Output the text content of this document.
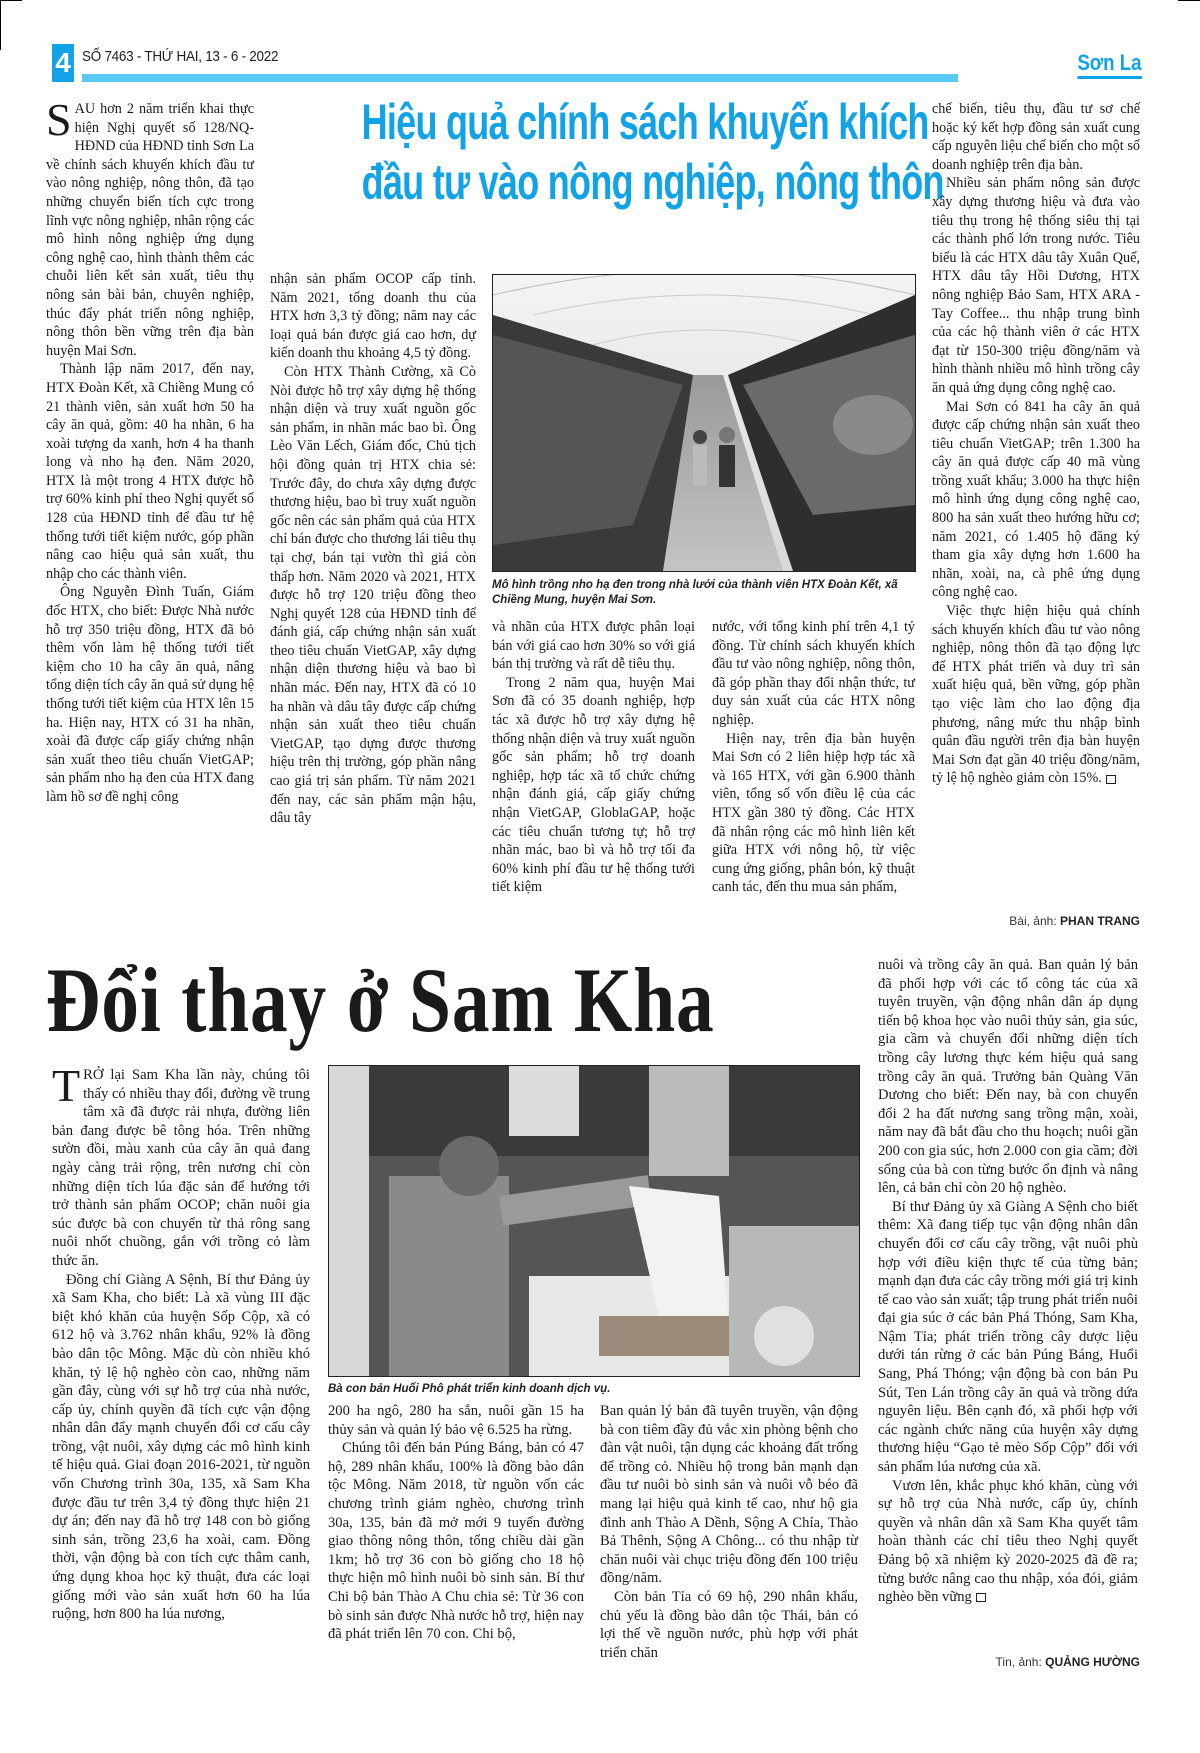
4 SỐ 7463 - THỨ HAI, 13 - 6 - 2022	Sơn La
Hiệu quả chính sách khuyến khích
đầu tư vào nông nghiệp, nông thôn

SAU hơn 2 năm triển khai thực hiện Nghị quyết số 128/NQ-HĐND của HĐND tỉnh Sơn La về chính sách khuyến khích đầu tư vào nông nghiệp, nông thôn, đã tạo những chuyển biến tích cực trong lĩnh vực nông nghiệp, nhân rộng các mô hình nông nghiệp ứng dụng công nghệ cao, hình thành thêm các chuỗi liên kết sản xuất, tiêu thụ nông sản bài bản, chuyên nghiệp, thúc đẩy phát triển nông nghiệp, nông thôn bền vững trên địa bàn huyện Mai Sơn.

Thành lập năm 2017, đến nay, HTX Đoàn Kết, xã Chiềng Mung có 21 thành viên, sản xuất hơn 50 ha cây ăn quả, gồm: 40 ha nhãn, 6 ha xoài tượng da xanh, hơn 4 ha thanh long và nho hạ đen. Năm 2020, HTX là một trong 4 HTX được hỗ trợ 60% kinh phí theo Nghị quyết số 128 của HĐND tỉnh để đầu tư hệ thống tưới tiết kiệm nước, góp phần nâng cao hiệu quả sản xuất, thu nhập cho các thành viên.

Ông Nguyễn Đình Tuấn, Giám đốc HTX, cho biết: Được Nhà nước hỗ trợ 350 triệu đồng, HTX đã bỏ thêm vốn làm hệ thống tưới tiết kiệm cho 10 ha cây ăn quả, nâng tổng diện tích cây ăn quả sử dụng hệ thống tưới tiết kiệm của HTX lên 15 ha. Hiện nay, HTX có 31 ha nhãn, xoài đã được cấp giấy chứng nhận sản xuất theo tiêu chuẩn VietGAP; sản phẩm nho hạ đen của HTX đang làm hồ sơ đề nghị công

nhận sản phẩm OCOP cấp tỉnh. Năm 2021, tổng doanh thu của HTX hơn 3,3 tỷ đồng; năm nay các loại quả bán được giá cao hơn, dự kiến doanh thu khoảng 4,5 tỷ đồng.

Còn HTX Thành Cường, xã Cò Nòi được hỗ trợ xây dựng hệ thống nhận diện và truy xuất nguồn gốc sản phẩm, in nhãn mác bao bì. Ông Lèo Văn Lếch, Giám đốc, Chủ tịch hội đồng quản trị HTX chia sẻ: Trước đây, do chưa xây dựng được thương hiệu, bao bì truy xuất nguồn gốc nên các sản phẩm quả của HTX chỉ bán được cho thương lái tiêu thụ tại chợ, bán tại vườn thì giá còn thấp hơn. Năm 2020 và 2021, HTX được hỗ trợ 120 triệu đồng theo Nghị quyết 128 của HĐND tỉnh để đánh giá, cấp chứng nhận sản xuất theo tiêu chuẩn VietGAP, xây dựng nhận diện thương hiệu và bao bì nhãn mác. Đến nay, HTX đã có 10 ha nhãn và dâu tây được cấp chứng nhận sản xuất theo tiêu chuẩn VietGAP, tạo dựng được thương hiệu trên thị trường, góp phần nâng cao giá trị sản phẩm. Từ năm 2021 đến nay, các sản phẩm mận hậu, dâu tây

Mô hình trồng nho hạ đen trong nhà lưới của thành viên HTX Đoàn Kết, xã Chiềng Mung, huyện Mai Sơn.

và nhãn của HTX được phân loại bán với giá cao hơn 30% so với giá bán thị trường và rất dễ tiêu thụ.

Trong 2 năm qua, huyện Mai Sơn đã có 35 doanh nghiệp, hợp tác xã được hỗ trợ xây dựng hệ thống nhận diện và truy xuất nguồn gốc sản phẩm; hỗ trợ doanh nghiệp, hợp tác xã tổ chức chứng nhận đánh giá, cấp giấy chứng nhận VietGAP, GloblaGAP, hoặc các tiêu chuẩn tương tự; hỗ trợ nhãn mác, bao bì và hỗ trợ tối đa 60% kinh phí đầu tư hệ thống tưới tiết kiệm

nước, với tổng kinh phí trên 4,1 tỷ đồng. Từ chính sách khuyến khích đầu tư vào nông nghiệp, nông thôn, đã góp phần thay đổi nhận thức, tư duy sản xuất của các HTX nông nghiệp.

Hiện nay, trên địa bàn huyện Mai Sơn có 2 liên hiệp hợp tác xã và 165 HTX, với gần 6.900 thành viên, tổng số vốn điều lệ của các HTX gần 380 tỷ đồng. Các HTX đã nhân rộng các mô hình liên kết giữa HTX với nông hộ, từ việc cung ứng giống, phân bón, kỹ thuật canh tác, đến thu mua sản phẩm,

chế biến, tiêu thụ, đầu tư sơ chế hoặc ký kết hợp đồng sản xuất cung cấp nguyên liệu chế biến cho một số doanh nghiệp trên địa bàn.

Nhiều sản phẩm nông sản được xây dựng thương hiệu và đưa vào tiêu thụ trong hệ thống siêu thị tại các thành phố lớn trong nước. Tiêu biểu là các HTX dâu tây Xuân Quế, HTX dâu tây Hồi Dương, HTX nông nghiệp Bảo Sam, HTX ARA - Tay Coffee... thu nhập trung bình của các hộ thành viên ở các HTX đạt từ 150-300 triệu đồng/năm và hình thành nhiều mô hình trồng cây ăn quả ứng dụng công nghệ cao.

Mai Sơn có 841 ha cây ăn quả được cấp chứng nhận sản xuất theo tiêu chuẩn VietGAP; trên 1.300 ha cây ăn quả được cấp 40 mã vùng trồng xuất khẩu; 3.000 ha thực hiện mô hình ứng dụng công nghệ cao, 800 ha sản xuất theo hướng hữu cơ; năm 2021, có 1.405 hộ đăng ký tham gia xây dựng hơn 1.600 ha nhãn, xoài, na, cà phê ứng dụng công nghệ cao.

Việc thực hiện hiệu quả chính sách khuyến khích đầu tư vào nông nghiệp, nông thôn đã tạo động lực để HTX phát triển và duy trì sản xuất hiệu quả, bền vững, góp phần tạo việc làm cho lao động địa phương, nâng mức thu nhập bình quân đầu người trên địa bàn huyện Mai Sơn đạt gần 40 triệu đồng/năm, tỷ lệ hộ nghèo giảm còn 15%.

Bài, ảnh: PHAN TRANG
Đổi thay ở Sam Kha

TRỞ lại Sam Kha lần này, chúng tôi thấy có nhiều thay đổi, đường về trung tâm xã đã được rải nhựa, đường liên bản đang được bê tông hóa. Trên những sườn đồi, màu xanh của cây ăn quả đang ngày càng trải rộng, trên nương chỉ còn những diện tích lúa đặc sản để hướng tới trở thành sản phẩm OCOP; chăn nuôi gia súc được bà con chuyển từ thả rông sang nuôi nhốt chuồng, gắn với trồng cỏ làm thức ăn.

Đồng chí Giàng A Sệnh, Bí thư Đảng ủy xã Sam Kha, cho biết: Là xã vùng III đặc biệt khó khăn của huyện Sốp Cộp, xã có 612 hộ và 3.762 nhân khẩu, 92% là đồng bào dân tộc Mông. Mặc dù còn nhiều khó khăn, tỷ lệ hộ nghèo còn cao, những năm gần đây, cùng với sự hỗ trợ của nhà nước, cấp ủy, chính quyền đã tích cực vận động nhân dân đẩy mạnh chuyển đổi cơ cấu cây trồng, vật nuôi, xây dựng các mô hình kinh tế hiệu quả. Giai đoạn 2016-2021, từ nguồn vốn Chương trình 30a, 135, xã Sam Kha được đầu tư trên 3,4 tỷ đồng thực hiện 21 dự án; đến nay đã hỗ trợ 148 con bò giống sinh sản, trồng 23,6 ha xoài, cam. Đồng thời, vận động bà con tích cực thâm canh, ứng dụng khoa học kỹ thuật, đưa các loại giống mới vào sản xuất hơn 60 ha lúa ruộng, hơn 800 ha lúa nương,

Bà con bản Huổi Phô phát triển kinh doanh dịch vụ.

200 ha ngô, 280 ha sắn, nuôi gần 15 ha thủy sản và quản lý bảo vệ 6.525 ha rừng.

Chúng tôi đến bản Púng Báng, bản có 47 hộ, 289 nhân khẩu, 100% là đồng bào dân tộc Mông. Năm 2018, từ nguồn vốn các chương trình giảm nghèo, chương trình 30a, 135, bản đã mở mới 9 tuyến đường giao thông nông thôn, tổng chiều dài gần 1km; hỗ trợ 36 con bò giống cho 18 hộ thực hiện mô hình nuôi bò sinh sản. Bí thư Chi bộ bản Thào A Chu chia sẻ: Từ 36 con bò sinh sản được Nhà nước hỗ trợ, hiện nay đã phát triển lên 70 con. Chi bộ,

Ban quản lý bản đã tuyên truyền, vận động bà con tiêm đầy đủ vắc xin phòng bệnh cho đàn vật nuôi, tận dụng các khoảng đất trống để trồng cỏ. Nhiều hộ trong bản mạnh dạn đầu tư nuôi bò sinh sản và nuôi vỗ béo đã mang lại hiệu quả kinh tế cao, như hộ gia đình anh Thào A Dềnh, Sộng A Chía, Thào Bả Thênh, Sộng A Chông... có thu nhập từ chăn nuôi vài chục triệu đồng đến 100 triệu đồng/năm.

Còn bản Tỉa có 69 hộ, 290 nhân khẩu, chủ yếu là đồng bào dân tộc Thái, bản có lợi thế về nguồn nước, phù hợp với phát triển chăn

nuôi và trồng cây ăn quả. Ban quản lý bản đã phối hợp với các tổ công tác của xã tuyên truyền, vận động nhân dân áp dụng tiến bộ khoa học vào nuôi thủy sản, gia súc, gia cầm và chuyển đổi những diện tích trồng cây lương thực kém hiệu quả sang trồng cây ăn quả. Trưởng bản Quàng Văn Dương cho biết: Đến nay, bà con chuyển đổi 2 ha đất nương sang trồng mận, xoài, năm nay đã bắt đầu cho thu hoạch; nuôi gần 200 con gia súc, hơn 2.000 con gia cầm; đời sống của bà con từng bước ổn định và nâng lên, cả bản chỉ còn 20 hộ nghèo.

Bí thư Đảng ủy xã Giàng A Sệnh cho biết thêm: Xã đang tiếp tục vận động nhân dân chuyển đổi cơ cấu cây trồng, vật nuôi phù hợp với điều kiện thực tế của từng bản; mạnh dạn đưa các cây trồng mới giá trị kinh tế cao vào sản xuất; tập trung phát triển nuôi đại gia súc ở các bản Phá Thóng, Sam Kha, Nậm Tỉa; phát triển trồng cây dược liệu dưới tán rừng ở các bản Púng Báng, Huổi Sang, Phá Thóng; vận động bà con bản Pu Sút, Ten Lán trồng cây ăn quả và trồng dứa nguyên liệu. Bên cạnh đó, xã phối hợp với các ngành chức năng của huyện xây dựng thương hiệu “Gạo tẻ mèo Sốp Cộp” đối với sản phẩm lúa nương của xã.

Vươn lên, khắc phục khó khăn, cùng với sự hỗ trợ của Nhà nước, cấp ủy, chính quyền và nhân dân xã Sam Kha quyết tâm hoàn thành các chỉ tiêu theo Nghị quyết Đảng bộ xã nhiệm kỳ 2020-2025 đã đề ra; từng bước nâng cao thu nhập, xóa đói, giảm nghèo bền vững

Tin, ảnh: QUẢNG HƯỜNG
